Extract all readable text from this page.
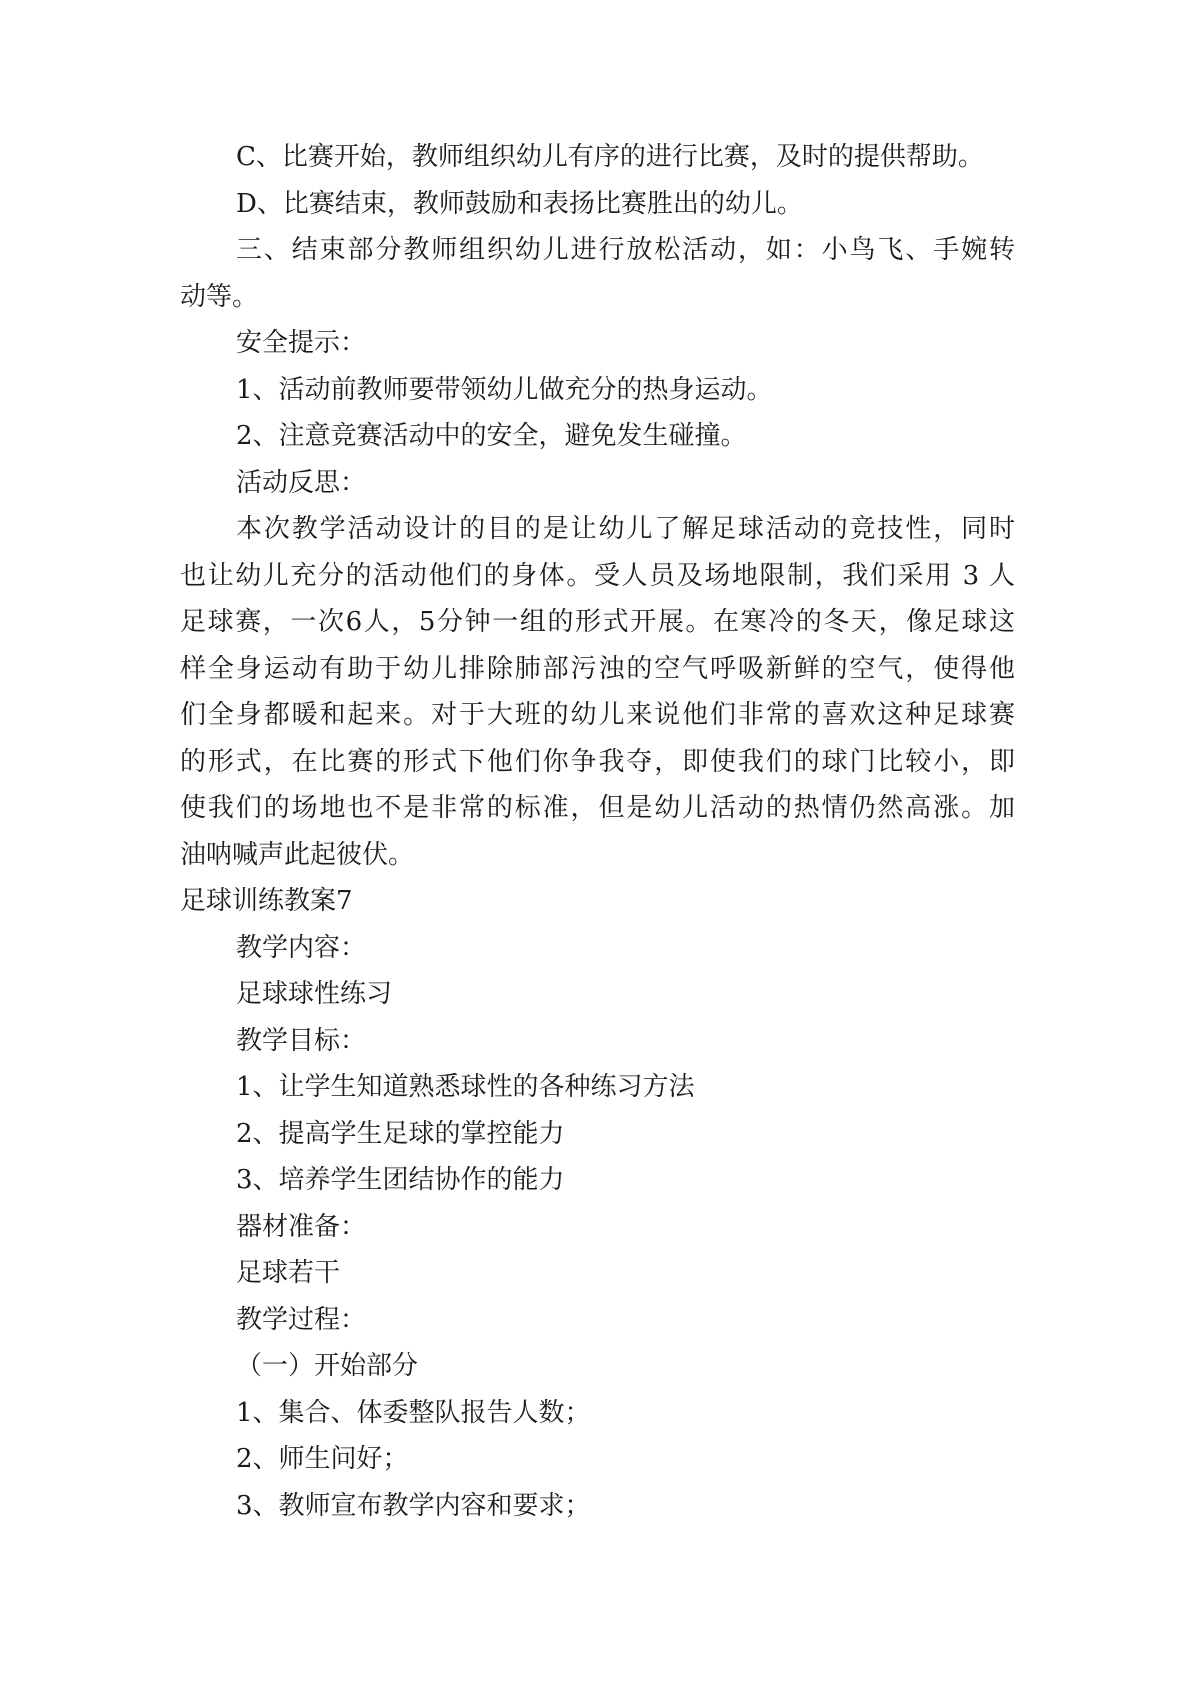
C、比赛开始，教师组织幼儿有序的进行比赛，及时的提供帮助。
D、比赛结束，教师鼓励和表扬比赛胜出的幼儿。
三、结束部分教师组织幼儿进行放松活动，如：小鸟飞、手婉转
动等。
安全提示：
1、活动前教师要带领幼儿做充分的热身运动。
2、注意竞赛活动中的安全，避免发生碰撞。
活动反思：
本次教学活动设计的目的是让幼儿了解足球活动的竞技性，同时
也让幼儿充分的活动他们的身体。受人员及场地限制，我们采用 3 人
足球赛，一次6人，5分钟一组的形式开展。在寒冷的冬天，像足球这
样全身运动有助于幼儿排除肺部污浊的空气呼吸新鲜的空气，使得他
们全身都暖和起来。对于大班的幼儿来说他们非常的喜欢这种足球赛
的形式，在比赛的形式下他们你争我夺，即使我们的球门比较小，即
使我们的场地也不是非常的标准，但是幼儿活动的热情仍然高涨。加
油呐喊声此起彼伏。
足球训练教案7
教学内容：
足球球性练习
教学目标：
1、让学生知道熟悉球性的各种练习方法
2、提高学生足球的掌控能力
3、培养学生团结协作的能力
器材准备：
足球若干
教学过程：
（一）开始部分
1、集合、体委整队报告人数；
2、师生问好；
3、教师宣布教学内容和要求；
